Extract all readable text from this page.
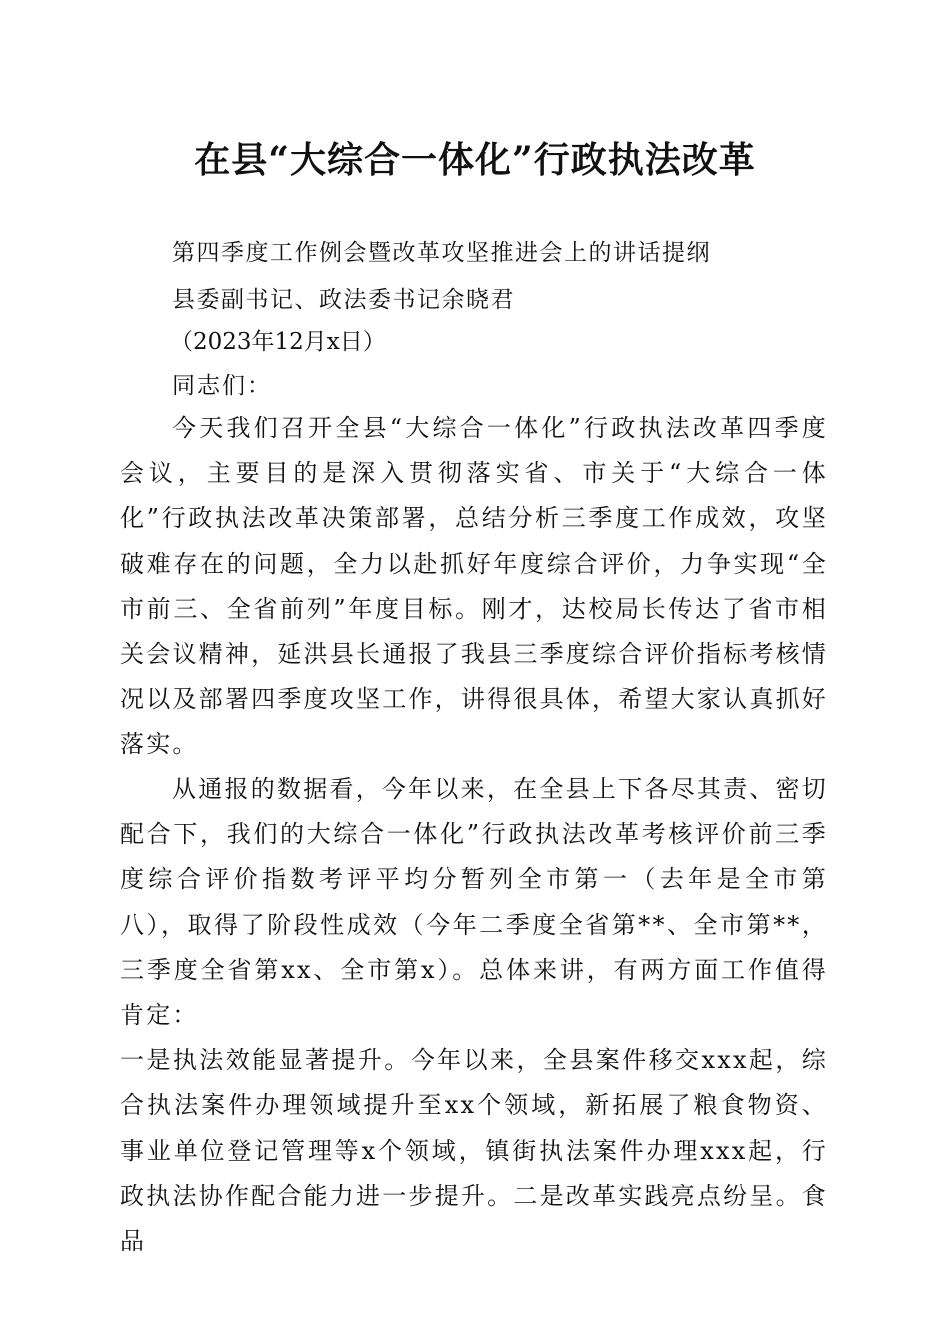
在县“大综合一体化”行政执法改革
第四季度工作例会暨改革攻坚推进会上的讲话提纲
县委副书记、政法委书记余晓君
（2023年12月x日）
同志们：

今天我们召开全县“大综合一体化”行政执法改革四季度会议，主要目的是深入贯彻落实省、市关于“大综合一体化”行政执法改革决策部署，总结分析三季度工作成效，攻坚破难存在的问题，全力以赴抓好年度综合评价，力争实现“全市前三、全省前列”年度目标。刚才，达校局长传达了省市相关会议精神，延洪县长通报了我县三季度综合评价指标考核情况以及部署四季度攻坚工作，讲得很具体，希望大家认真抓好落实。

从通报的数据看，今年以来，在全县上下各尽其责、密切配合下，我们的大综合一体化”行政执法改革考核评价前三季度综合评价指数考评平均分暂列全市第一（去年是全市第八），取得了阶段性成效（今年二季度全省第**、全市第**，三季度全省第xx、全市第x）。总体来讲，有两方面工作值得肯定：

一是执法效能显著提升。今年以来，全县案件移交xxx起，综合执法案件办理领域提升至xx个领域，新拓展了粮食物资、事业单位登记管理等x个领域，镇街执法案件办理xxx起，行政执法协作配合能力进一步提升。二是改革实践亮点纷呈。食品
